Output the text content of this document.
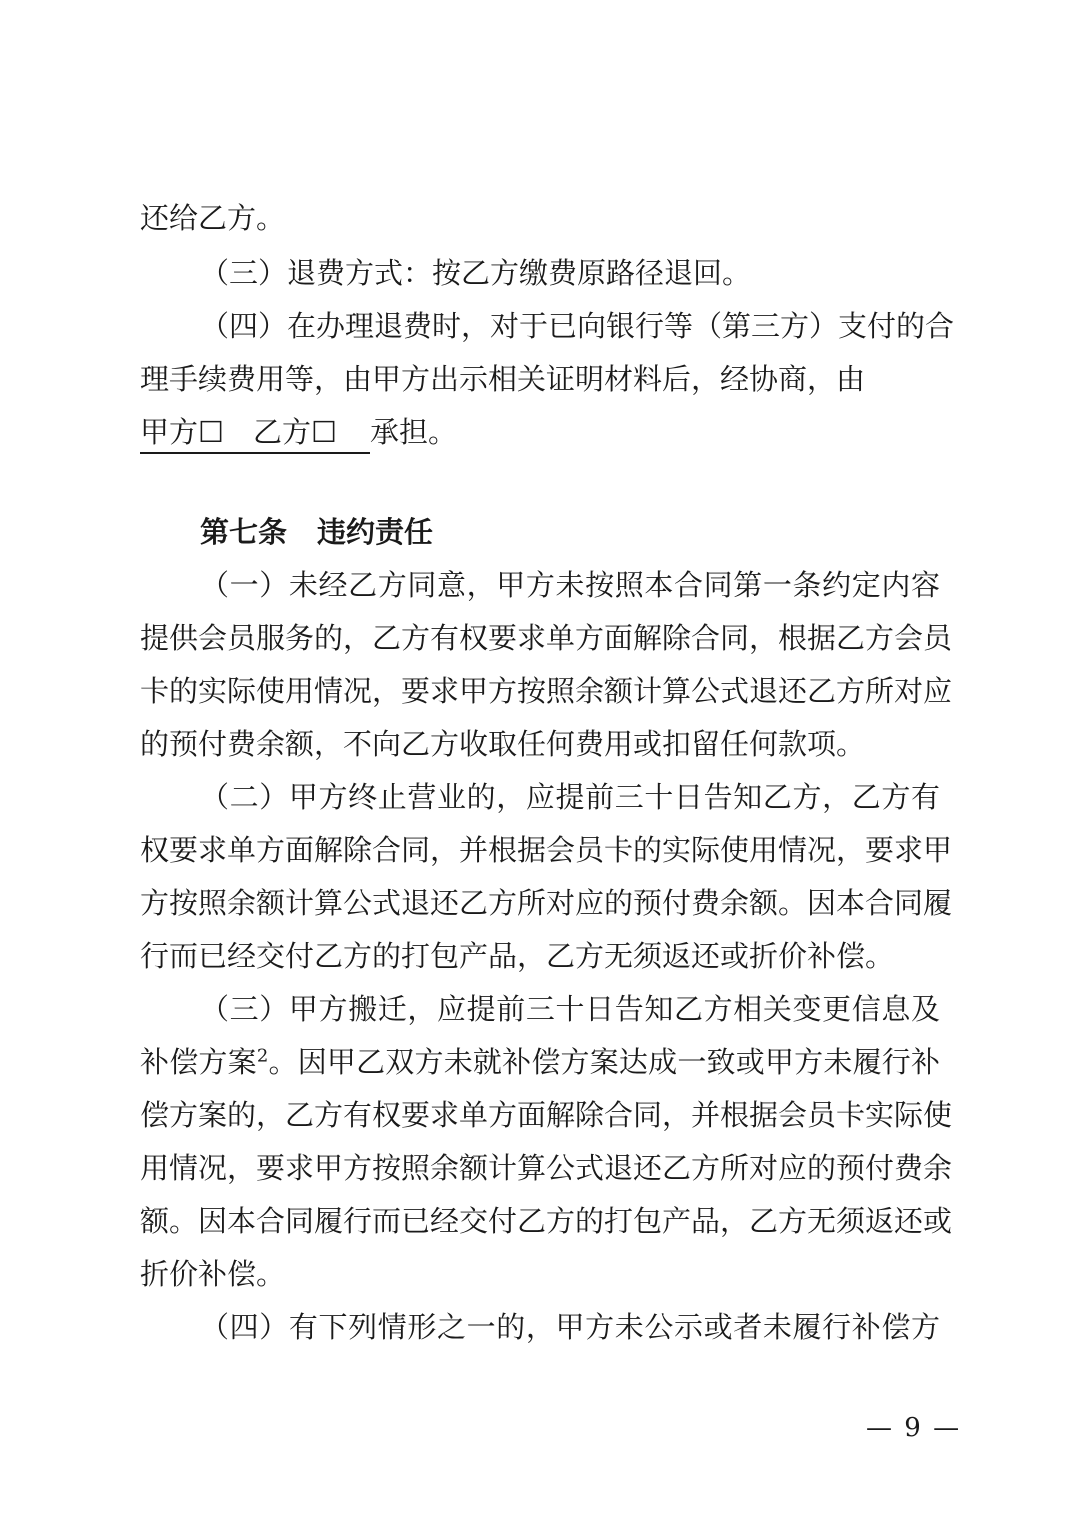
还给乙方。
（三）退费方式：按乙方缴费原路径退回。
（四）在办理退费时，对于已向银行等（第三方）支付的合
理手续费用等，由甲方出示相关证明材料后，经协商，由
甲方☐　乙方☐ 承担。
第七条 违约责任
（一）未经乙方同意，甲方未按照本合同第一条约定内容
提供会员服务的，乙方有权要求单方面解除合同，根据乙方会员
卡的实际使用情况，要求甲方按照余额计算公式退还乙方所对应
的预付费余额，不向乙方收取任何费用或扣留任何款项。
（二）甲方终止营业的，应提前三十日告知乙方，乙方有
权要求单方面解除合同，并根据会员卡的实际使用情况，要求甲
方按照余额计算公式退还乙方所对应的预付费余额。因本合同履
行而已经交付乙方的打包产品，乙方无须返还或折价补偿。
（三）甲方搬迁，应提前三十日告知乙方相关变更信息及
补偿方案$^2$。因甲乙双方未就补偿方案达成一致或甲方未履行补
偿方案的，乙方有权要求单方面解除合同，并根据会员卡实际使
用情况，要求甲方按照余额计算公式退还乙方所对应的预付费余
额。因本合同履行而已经交付乙方的打包产品，乙方无须返还或
折价补偿。
（四）有下列情形之一的，甲方未公示或者未履行补偿方
— 9 —
